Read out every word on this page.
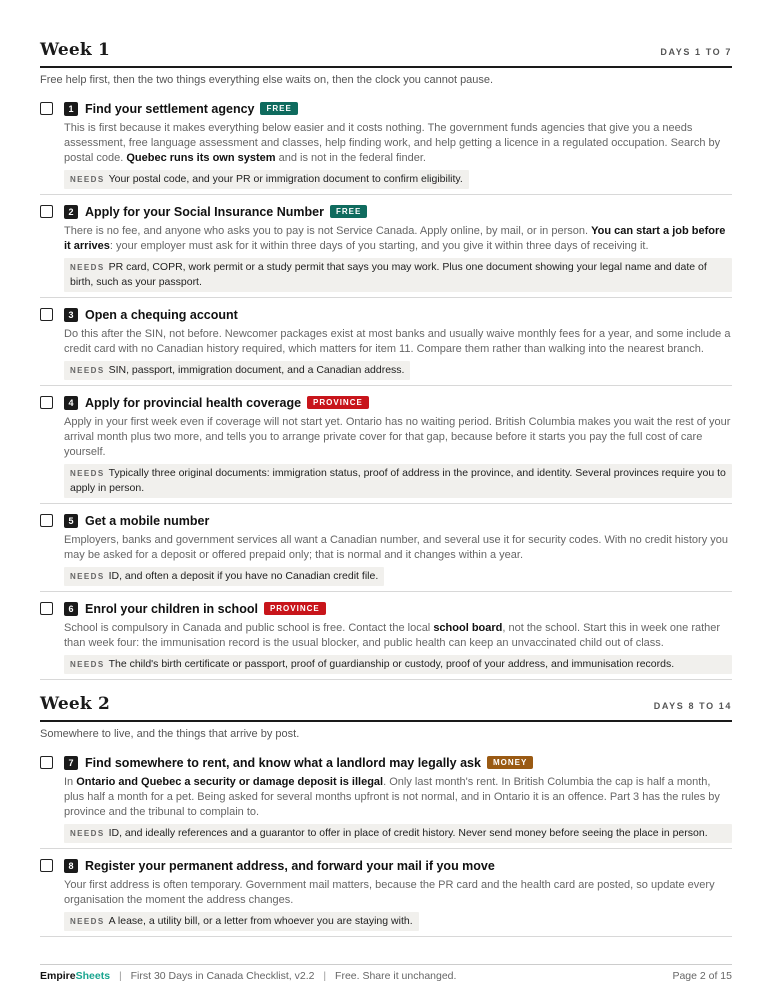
Week 1	DAYS 1 TO 7
Free help first, then the two things everything else waits on, then the clock you cannot pause.
1 Find your settlement agency	FREE
This is first because it makes everything below easier and it costs nothing. The government funds agencies that give you a needs assessment, free language assessment and classes, help finding work, and help getting a licence in a regulated occupation. Search by postal code. Quebec runs its own system and is not in the federal finder.
NEEDS Your postal code, and your PR or immigration document to confirm eligibility.
2 Apply for your Social Insurance Number	FREE
There is no fee, and anyone who asks you to pay is not Service Canada. Apply online, by mail, or in person. You can start a job before it arrives: your employer must ask for it within three days of you starting, and you give it within three days of receiving it.
NEEDS PR card, COPR, work permit or a study permit that says you may work. Plus one document showing your legal name and date of birth, such as your passport.
3 Open a chequing account
Do this after the SIN, not before. Newcomer packages exist at most banks and usually waive monthly fees for a year, and some include a credit card with no Canadian history required, which matters for item 11. Compare them rather than walking into the nearest branch.
NEEDS SIN, passport, immigration document, and a Canadian address.
4 Apply for provincial health coverage	PROVINCE
Apply in your first week even if coverage will not start yet. Ontario has no waiting period. British Columbia makes you wait the rest of your arrival month plus two more, and tells you to arrange private cover for that gap, because before it starts you pay the full cost of care yourself.
NEEDS Typically three original documents: immigration status, proof of address in the province, and identity. Several provinces require you to apply in person.
5 Get a mobile number
Employers, banks and government services all want a Canadian number, and several use it for security codes. With no credit history you may be asked for a deposit or offered prepaid only; that is normal and it changes within a year.
NEEDS ID, and often a deposit if you have no Canadian credit file.
6 Enrol your children in school	PROVINCE
School is compulsory in Canada and public school is free. Contact the local school board, not the school. Start this in week one rather than week four: the immunisation record is the usual blocker, and public health can keep an unvaccinated child out of class.
NEEDS The child's birth certificate or passport, proof of guardianship or custody, proof of your address, and immunisation records.
Week 2	DAYS 8 TO 14
Somewhere to live, and the things that arrive by post.
7 Find somewhere to rent, and know what a landlord may legally ask	MONEY
In Ontario and Quebec a security or damage deposit is illegal. Only last month's rent. In British Columbia the cap is half a month, plus half a month for a pet. Being asked for several months upfront is not normal, and in Ontario it is an offence. Part 3 has the rules by province and the tribunal to complain to.
NEEDS ID, and ideally references and a guarantor to offer in place of credit history. Never send money before seeing the place in person.
8 Register your permanent address, and forward your mail if you move
Your first address is often temporary. Government mail matters, because the PR card and the health card are posted, so update every organisation the moment the address changes.
NEEDS A lease, a utility bill, or a letter from whoever you are staying with.
EmpireSheets | First 30 Days in Canada Checklist, v2.2 | Free. Share it unchanged.	Page 2 of 15
